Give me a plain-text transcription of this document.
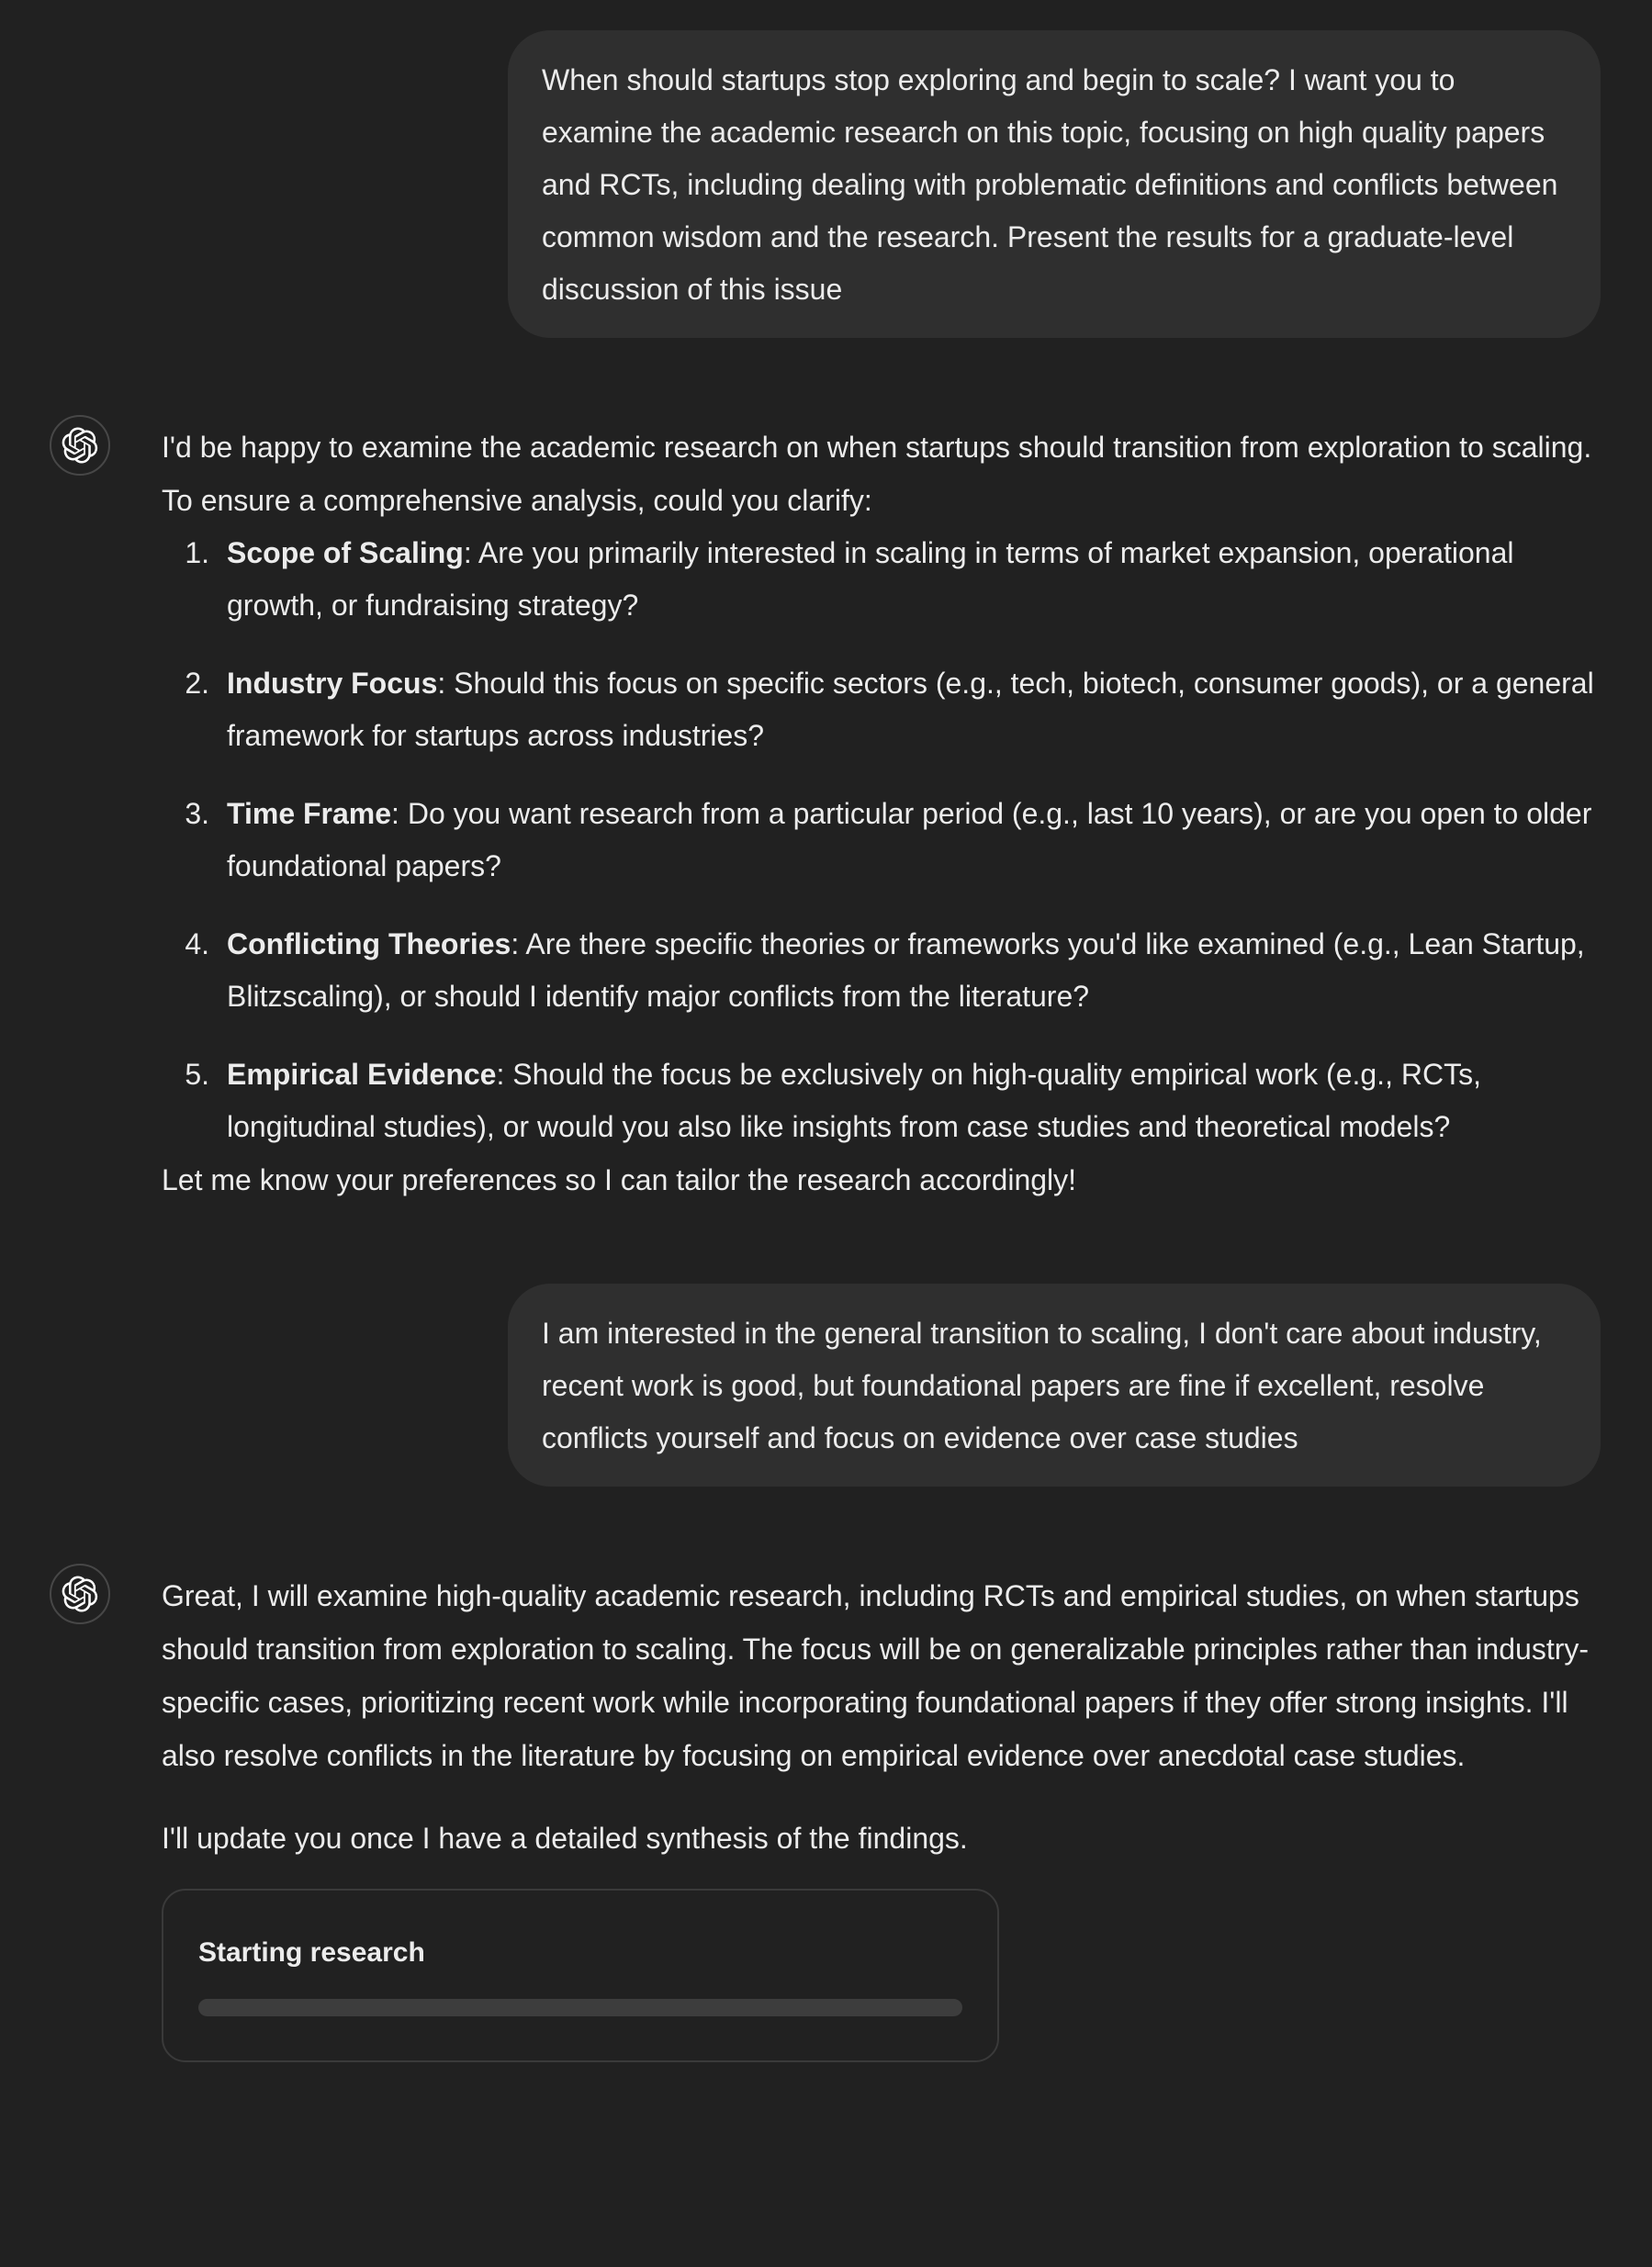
When should startups stop exploring and begin to scale? I want you to examine the academic research on this topic, focusing on high quality papers and RCTs, including dealing with problematic definitions and conflicts between common wisdom and the research. Present the results for a graduate-level discussion of this issue

I'd be happy to examine the academic research on when startups should transition from exploration to scaling. To ensure a comprehensive analysis, could you clarify:

1. Scope of Scaling: Are you primarily interested in scaling in terms of market expansion, operational growth, or fundraising strategy?
2. Industry Focus: Should this focus on specific sectors (e.g., tech, biotech, consumer goods), or a general framework for startups across industries?
3. Time Frame: Do you want research from a particular period (e.g., last 10 years), or are you open to older foundational papers?
4. Conflicting Theories: Are there specific theories or frameworks you'd like examined (e.g., Lean Startup, Blitzscaling), or should I identify major conflicts from the literature?
5. Empirical Evidence: Should the focus be exclusively on high-quality empirical work (e.g., RCTs, longitudinal studies), or would you also like insights from case studies and theoretical models?

Let me know your preferences so I can tailor the research accordingly!

I am interested in the general transition to scaling, I don't care about industry, recent work is good, but foundational papers are fine if excellent, resolve conflicts yourself and focus on evidence over case studies

Great, I will examine high-quality academic research, including RCTs and empirical studies, on when startups should transition from exploration to scaling. The focus will be on generalizable principles rather than industry-specific cases, prioritizing recent work while incorporating foundational papers if they offer strong insights. I'll also resolve conflicts in the literature by focusing on empirical evidence over anecdotal case studies.

I'll update you once I have a detailed synthesis of the findings.

Starting research
